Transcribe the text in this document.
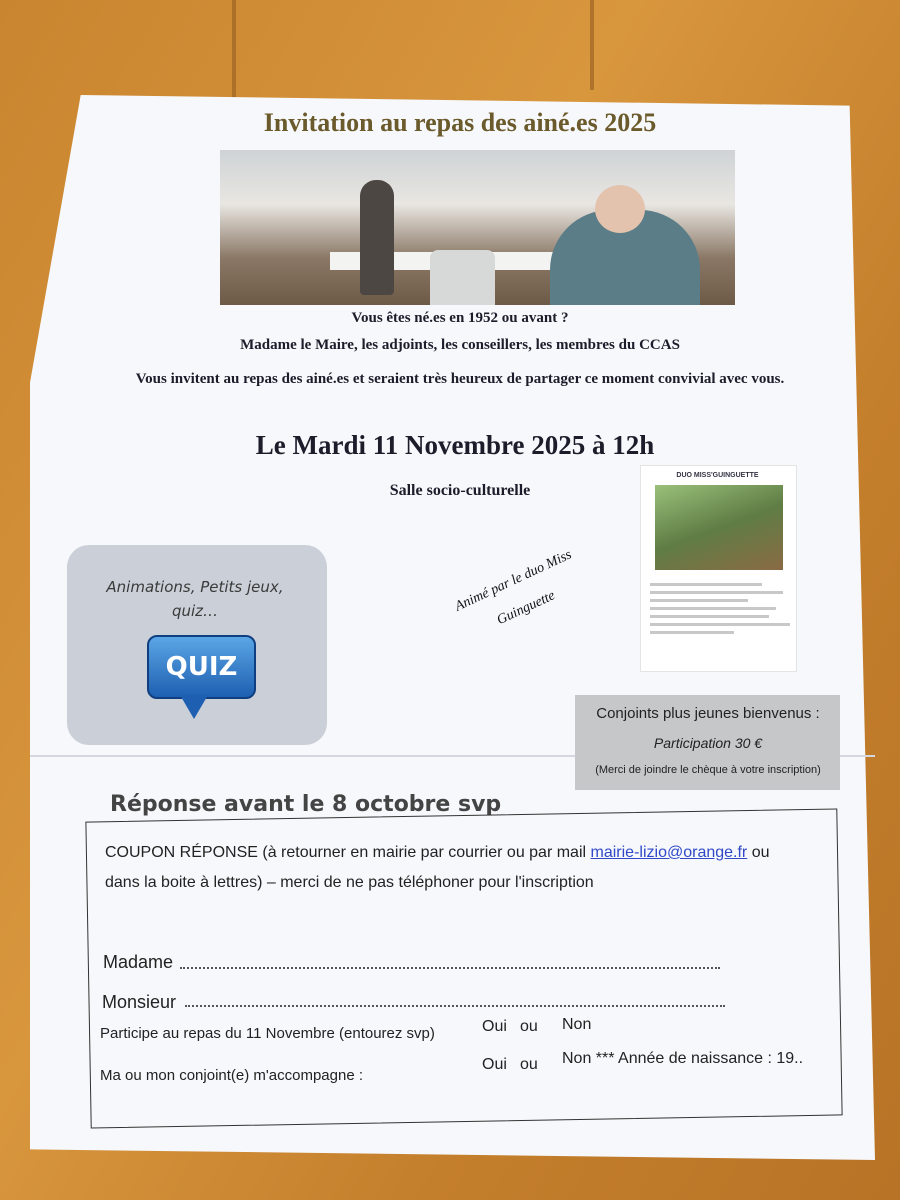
Invitation au repas des ainé.es 2025
Vous êtes né.es en 1952 ou avant ?
Madame le Maire, les adjoints, les conseillers, les membres du CCAS
Vous invitent au repas des ainé.es et seraient très heureux de partager ce moment convivial avec vous.
Le Mardi 11 Novembre 2025 à 12h
Salle socio-culturelle
Animations, Petits jeux, quiz…
QUIZ
Animé par le duo Miss Guinguette
DUO MISS'GUINGUETTE
Conjoints plus jeunes bienvenus :
Participation 30 €
(Merci de joindre le chèque à votre inscription)
Réponse avant le 8 octobre svp
COUPON RÉPONSE (à retourner en mairie par courrier ou par mail mairie-lizio@orange.fr ou dans la boite à lettres) – merci de ne pas téléphoner pour l'inscription
Madame
Monsieur
Participe au repas du 11 Novembre (entourez svp)	Oui ou Non
Ma ou mon conjoint(e) m'accompagne :
Oui ou Non *** Année de naissance : 19..
